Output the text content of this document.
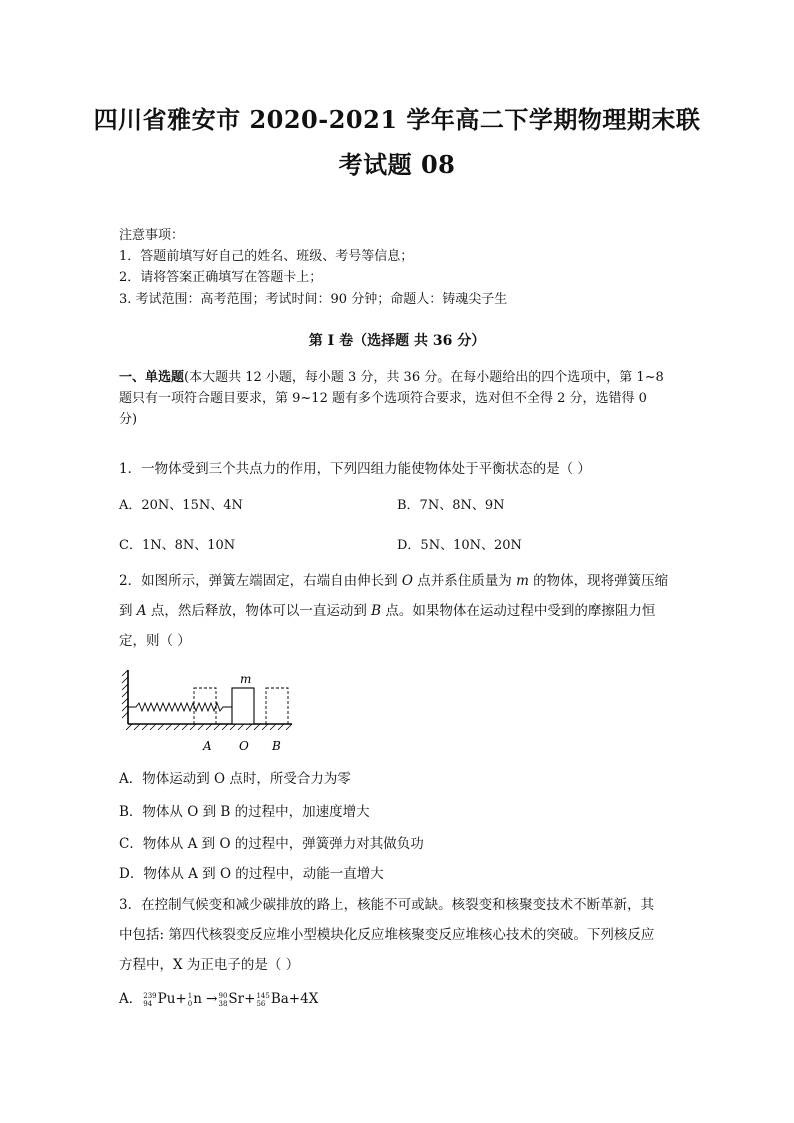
四川省雅安市 2020-2021 学年高二下学期物理期末联
考试题 08
注意事项：
1．答题前填写好自己的姓名、班级、考号等信息；
2．请将答案正确填写在答题卡上；
3. 考试范围：高考范围；考试时间：90 分钟；命题人：铸魂尖子生
第 I 卷（选择题 共 36 分）
一、单选题(本大题共 12 小题，每小题 3 分，共 36 分。在每小题给出的四个选项中，第 1~8
题只有一项符合题目要求，第 9~12 题有多个选项符合要求，选对但不全得 2 分，选错得 0
分)
1．一物体受到三个共点力的作用，下列四组力能使物体处于平衡状态的是（ ）
A．20N、15N、4N	B．7N、8N、9N
C．1N、8N、10N	D．5N、10N、20N
2．如图所示，弹簧左端固定，右端自由伸长到 O 点并系住质量为 m 的物体，现将弹簧压缩
到 A 点，然后释放，物体可以一直运动到 B 点。如果物体在运动过程中受到的摩擦阻力恒
定，则（ ）
m
A O B
A．物体运动到 O 点时，所受合力为零
B．物体从 O 到 B 的过程中，加速度增大
C．物体从 A 到 O 的过程中，弹簧弹力对其做负功
D．物体从 A 到 O 的过程中，动能一直增大
3．在控制气候变和减少碳排放的路上，核能不可或缺。核裂变和核聚变技术不断革新，其
中包括: 第四代核裂变反应堆小型模块化反应堆核聚变反应堆核心技术的突破。下列核反应
方程中，X 为正电子的是（ ）
A． 239
94 Pu+ 1
0 n → 90
38 Sr+ 145
56 Ba+4X
